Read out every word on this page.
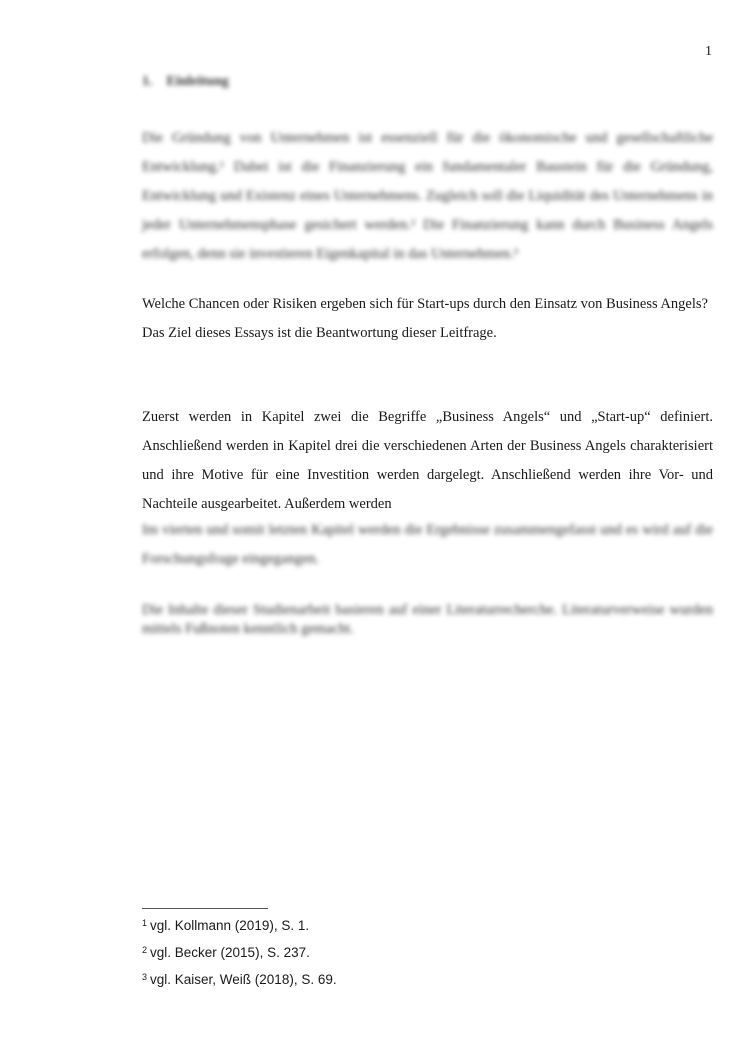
1
1. Einleitung

Die Gründung von Unternehmen ist essenziell für die ökonomische und gesellschaftliche Entwicklung.¹ Dabei ist die Finanzierung ein fundamentaler Baustein für die Gründung, Entwicklung und Existenz eines Unternehmens. Zugleich soll die Liquidität des Unternehmens in jeder Unternehmensphase gesichert werden.² Die Finanzierung kann durch Business Angels erfolgen, denn sie investieren Eigenkapital in das Unternehmen.³

Welche Chancen oder Risiken ergeben sich für Start-ups durch den Einsatz von Business Angels?
Das Ziel dieses Essays ist die Beantwortung dieser Leitfrage.

Zuerst werden in Kapitel zwei die Begriffe „Business Angels“ und „Start-up“ definiert. Anschließend werden in Kapitel drei die verschiedenen Arten der Business Angels charakterisiert und ihre Motive für eine Investition werden dargelegt. Anschließend werden ihre Vor- und Nachteile ausgearbeitet. Außerdem werden

Im vierten und somit letzten Kapitel werden die Ergebnisse zusammengefasst und es wird auf die Forschungsfrage eingegangen.

Die Inhalte dieser Studienarbeit basieren auf einer Literaturrecherche. Literaturverweise wurden mittels Fußnoten kenntlich gemacht.

$^1$ vgl. Kollmann (2019), S. 1.
$^2$ vgl. Becker (2015), S. 237.
$^3$ vgl. Kaiser, Weiß (2018), S. 69.
